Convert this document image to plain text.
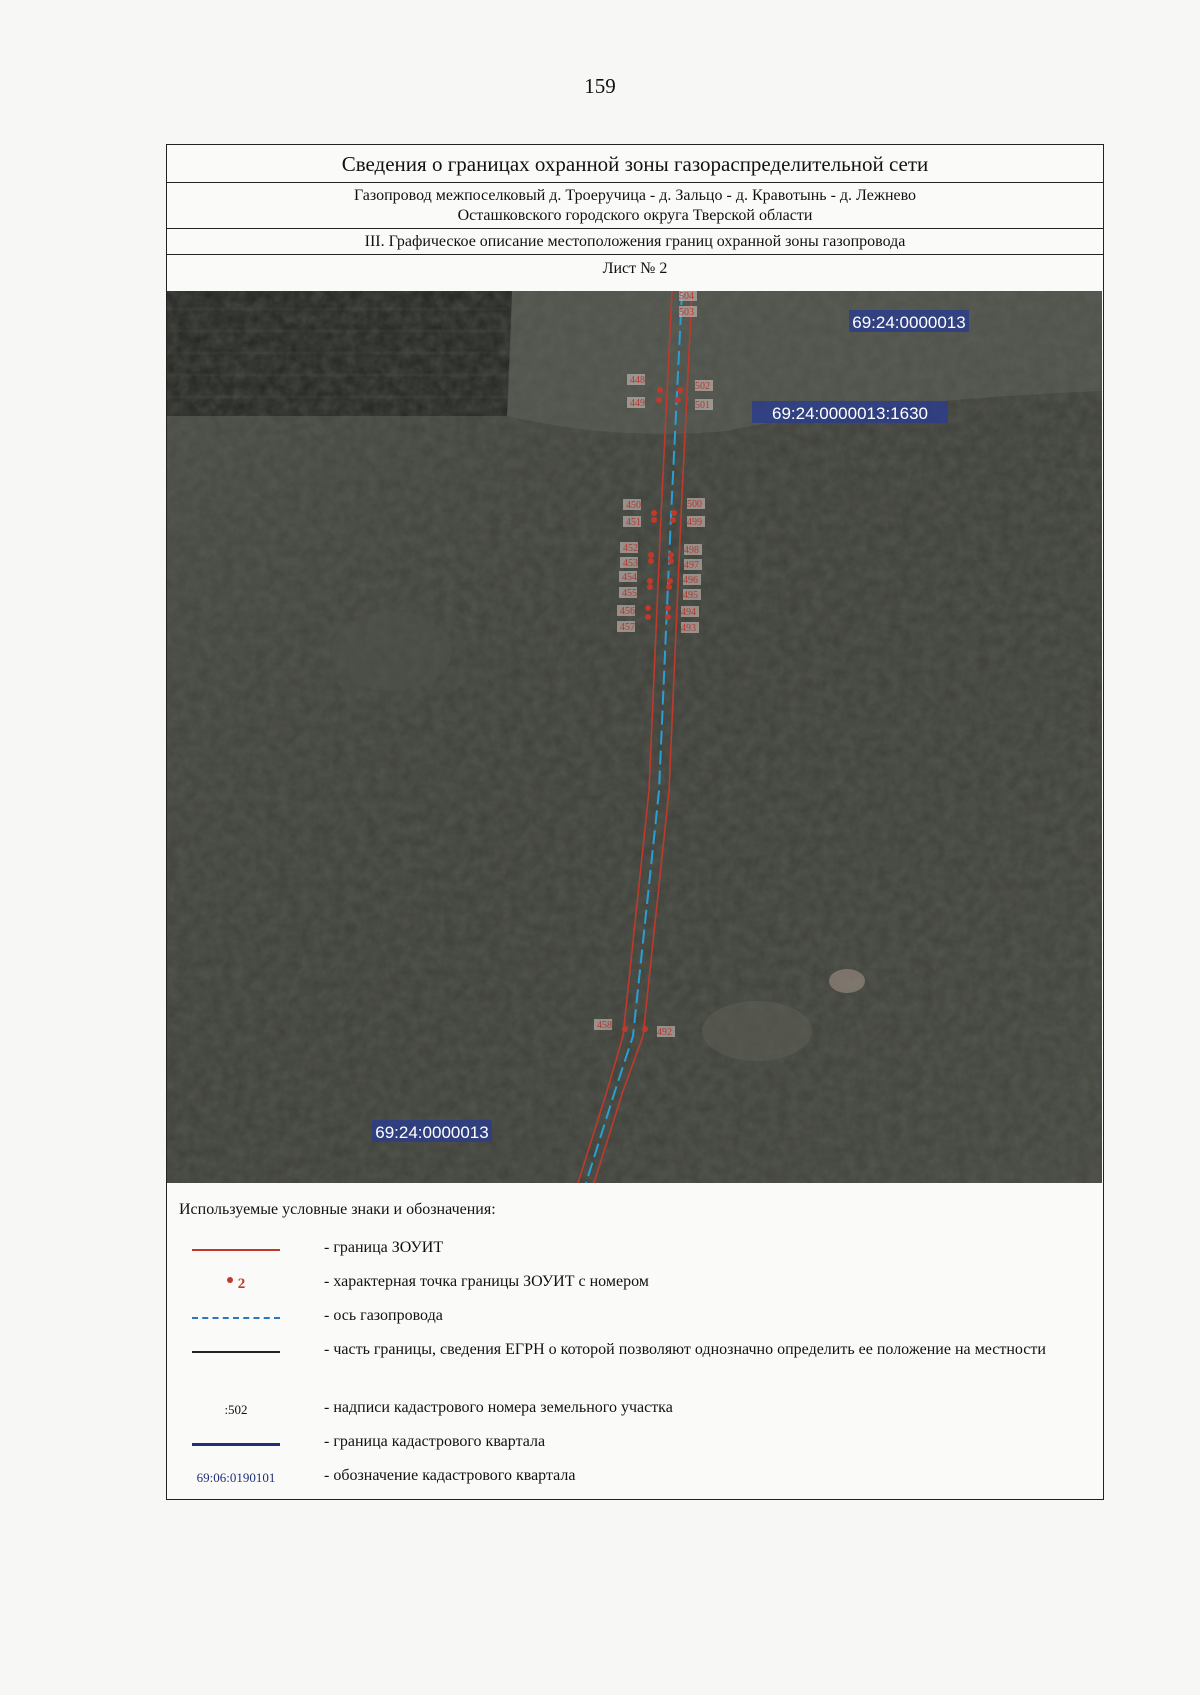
159
Сведения о границах охранной зоны газораспределительной сети
Газопровод межпоселковый д. Троеручица - д. Зальцо - д. Кравотынь - д. Лежнево
Осташковского городского округа Тверской области
III. Графическое описание местоположения границ охранной зоны газопровода
Лист № 2
504
503
448
502
449	501
450	500
451	499
452	498
453	497
454	496
455	495
456	494
457	493
458
492
69:24:0000013
69:24:0000013:1630
69:24:0000013
Используемые условные знаки и обозначения:
- граница ЗОУИТ
2	- характерная точка границы ЗОУИТ с номером
- ось газопровода
- часть границы, сведения ЕГРН о которой позволяют однозначно определить ее положение на местности
:502	- надписи кадастрового номера земельного участка
- граница кадастрового квартала
69:06:0190101	- обозначение кадастрового квартала
